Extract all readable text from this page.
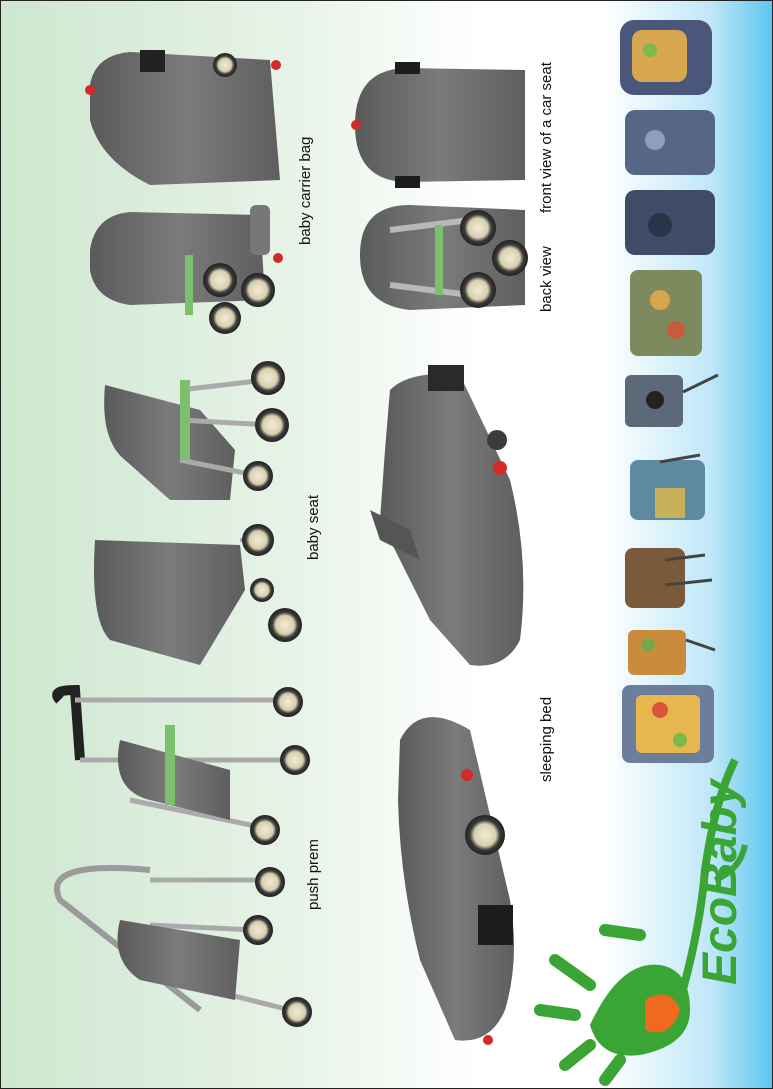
EcoBaby
push prem
baby seat
baby carrier bag
sleeping bed
back view
front view of a car seat
